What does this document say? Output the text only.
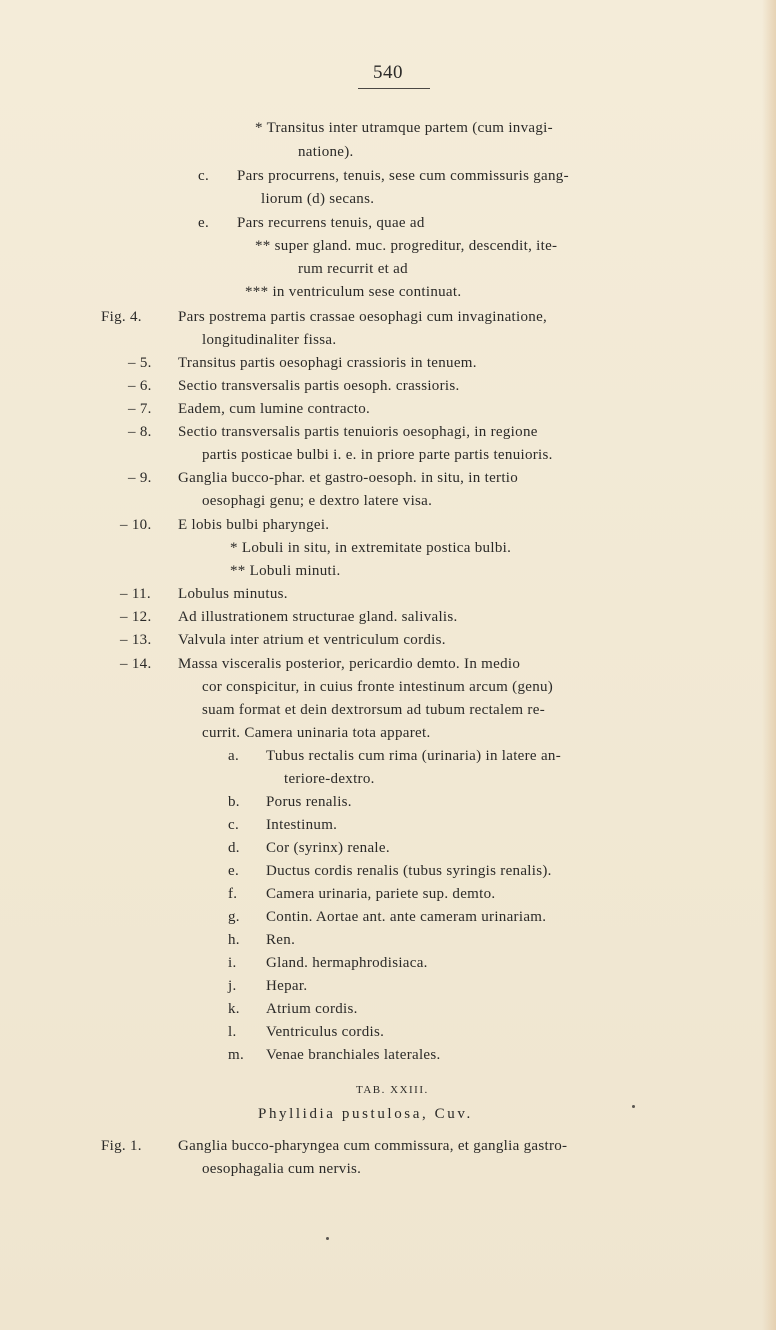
540
* Transitus inter utramque partem (cum invagi-
natione).
c. Pars procurrens, tenuis, sese cum commissuris gang-
liorum (d) secans.
e. Pars recurrens tenuis, quae ad
** super gland. muc. progreditur, descendit, ite-
rum recurrit et ad
*** in ventriculum sese continuat.
Fig. 4. Pars postrema partis crassae oesophagi cum invaginatione,
longitudinaliter fissa.
– 5. Transitus partis oesophagi crassioris in tenuem.
– 6. Sectio transversalis partis oesoph. crassioris.
– 7. Eadem, cum lumine contracto.
– 8. Sectio transversalis partis tenuioris oesophagi, in regione
partis posticae bulbi i. e. in priore parte partis tenuioris.
– 9. Ganglia bucco-phar. et gastro-oesoph. in situ, in tertio
oesophagi genu; e dextro latere visa.
– 10. E lobis bulbi pharyngei.
* Lobuli in situ, in extremitate postica bulbi.
** Lobuli minuti.
– 11. Lobulus minutus.
– 12. Ad illustrationem structurae gland. salivalis.
– 13. Valvula inter atrium et ventriculum cordis.
– 14. Massa visceralis posterior, pericardio demto. In medio
cor conspicitur, in cuius fronte intestinum arcum (genu)
suam format et dein dextrorsum ad tubum rectalem re-
currit. Camera uninaria tota apparet.
a. Tubus rectalis cum rima (urinaria) in latere an-
teriore-dextro.
b. Porus renalis.
c. Intestinum.
d. Cor (syrinx) renale.
e. Ductus cordis renalis (tubus syringis renalis).
f. Camera urinaria, pariete sup. demto.
g. Contin. Aortae ant. ante cameram urinariam.
h. Ren.
i. Gland. hermaphrodisiaca.
j. Hepar.
k. Atrium cordis.
l. Ventriculus cordis.
m. Venae branchiales laterales.
TAB. XXIII.
Phyllidia pustulosa, Cuv.
Fig. 1. Ganglia bucco-pharyngea cum commissura, et ganglia gastro-
oesophagalia cum nervis.
